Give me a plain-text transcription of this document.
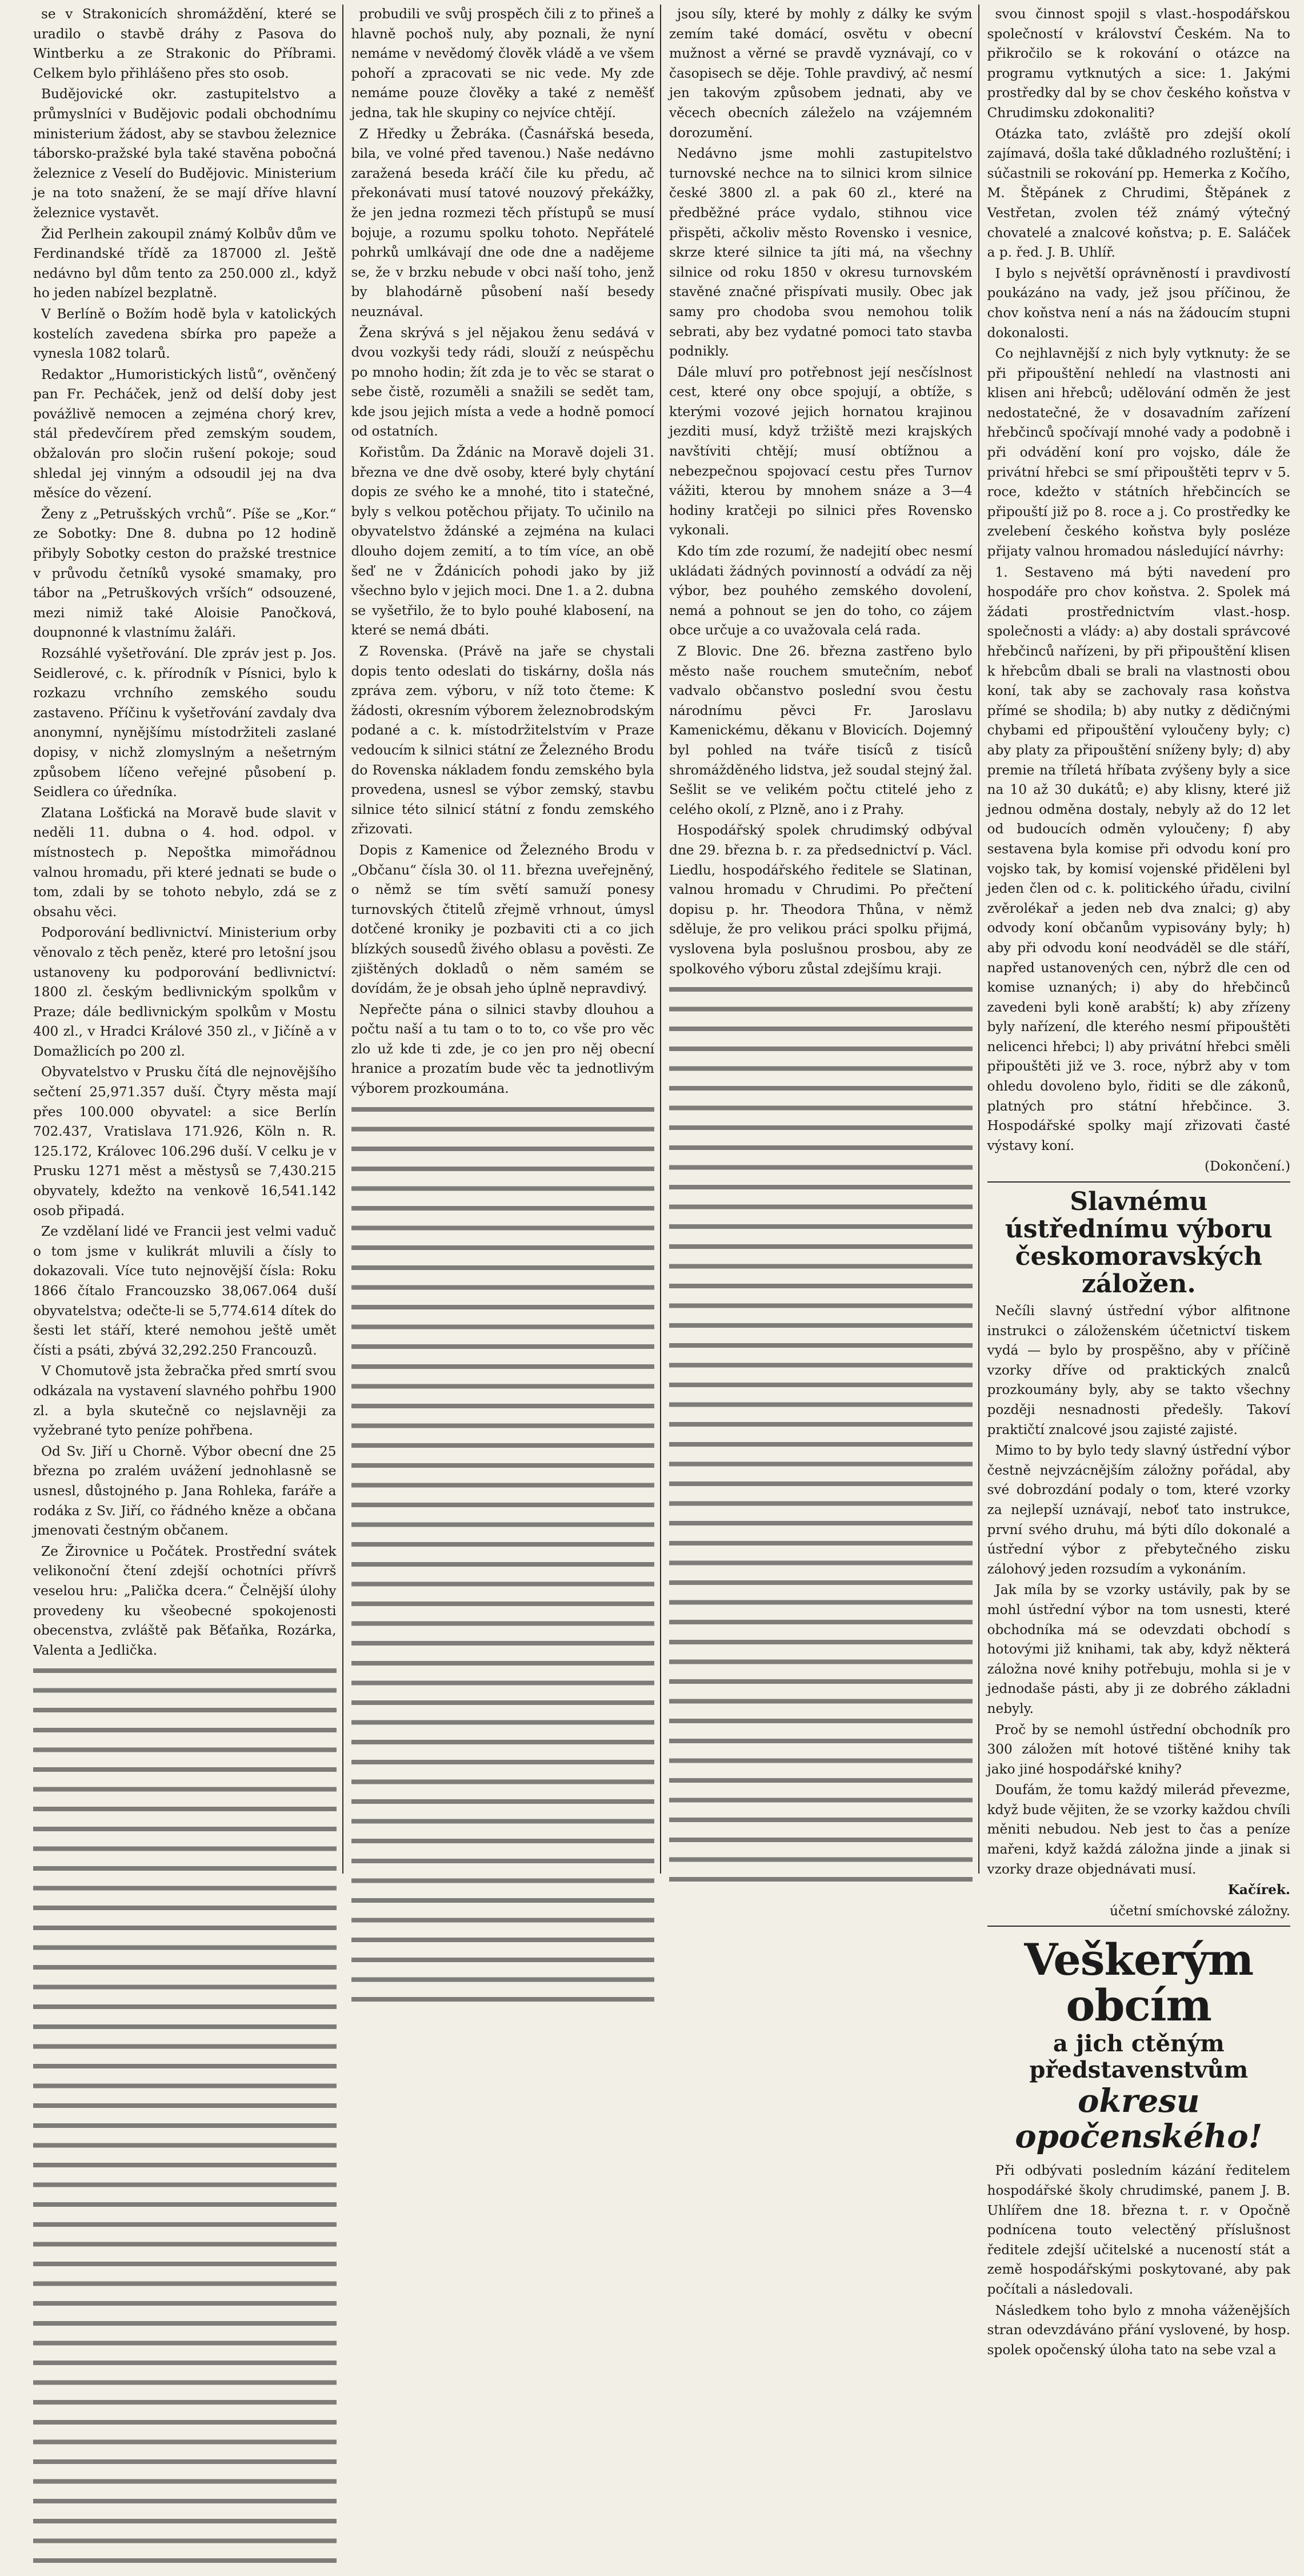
se v Strakonicích shromáždění, které se uradilo o stavbě dráhy z Pasova do Wintberku a ze Strakonic do Příbrami. Celkem bylo přihlášeno přes sto osob.

Budějovické okr. zastupitelstvo a průmyslníci v Budějovic podali obchodnímu ministerium žádost, aby se stavbou železnice táborsko-pražské byla také stavěna pobočná železnice z Veselí do Budějovic. Ministerium je na toto snažení, že se mají dříve hlavní železnice vystavět.

Žid Perlhein zakoupil známý Kolbův dům ve Ferdinandské třídě za 187000 zl. Ještě nedávno byl dům tento za 250.000 zl., když ho jeden nabízel bezplatně.

V Berlíně o Božím hodě byla v katolických kostelích zavedena sbírka pro papeže a vynesla 1082 tolarů.

Redaktor „Humoristických listů“, ověnčený pan Fr. Pecháček, jenž od delší doby jest povážlivě nemocen a zejména chorý krev, stál předevčírem před zemským soudem, obžalován pro sločin rušení pokoje; soud shledal jej vinným a odsoudil jej na dva měsíce do vězení.

Ženy z „Petrušských vrchů“. Píše se „Kor.“ ze Sobotky: Dne 8. dubna po 12 hodině přibyly Sobotky ceston do pražské trestnice v průvodu četníků vysoké smamaky, pro tábor na „Petruškových vrších“ odsouzené, mezi nimiž také Aloisie Panočková, doupnonné k vlastnímu žaláři.

Rozsáhlé vyšetřování. Dle zpráv jest p. Jos. Seidlerové, c. k. přírodník v Písnici, bylo k rozkazu vrchního zemského soudu zastaveno. Příčinu k vyšetřování zavdaly dva anonymní, nynějšímu místodržiteli zaslané dopisy, v nichž zlomyslným a nešetrným způsobem líčeno veřejné působení p. Seidlera co úředníka.

Zlatana Lošťická na Moravě bude slavit v neděli 11. dubna o 4. hod. odpol. v místnostech p. Nepoštka mimořádnou valnou hromadu, při které jednati se bude o tom, zdali by se tohoto nebylo, zdá se z obsahu věci.

Podporování bedlivnictví. Ministerium orby věnovalo z těch peněz, které pro letošní jsou ustanoveny ku podporování bedlivnictví: 1800 zl. českým bedlivnickým spolkům v Praze; dále bedlivnickým spolkům v Mostu 400 zl., v Hradci Králové 350 zl., v Jičíně a v Domažlicích po 200 zl.

Obyvatelstvo v Prusku čítá dle nejnovějšího sečtení 25,971.357 duší. Čtyry města mají přes 100.000 obyvatel: a sice Berlín 702.437, Vratislava 171.926, Köln n. R. 125.172, Královec 106.296 duší. V celku je v Prusku 1271 měst a městysů se 7,430.215 obyvately, kdežto na venkově 16,541.142 osob připadá.

Ze vzdělaní lidé ve Francii jest velmi vaduč o tom jsme v kulikrát mluvili a čísly to dokazovali. Více tuto nejnovější čísla: Roku 1866 čítalo Francouzsko 38,067.064 duší obyvatelstva; odečte-li se 5,774.614 dítek do šesti let stáří, které nemohou ještě umět čísti a psáti, zbývá 32,292.250 Francouzů.

V Chomutově jsta žebračka před smrtí svou odkázala na vystavení slavného pohřbu 1900 zl. a byla skutečně co nejslavněji za vyžebrané tyto peníze pohřbena.

Od Sv. Jiří u Chorně. Výbor obecní dne 25 března po zralém uvážení jednohlasně se usnesl, důstojného p. Jana Rohleka, faráře a rodáka z Sv. Jiří, co řádného kněze a občana jmenovati čestným občanem.

Ze Žirovnice u Počátek. Prostřední svátek velikonoční čtení zdejší ochotníci přívrš veselou hru: „Palička dcera.“ Čelnější úlohy provedeny ku všeobecné spokojenosti obecenstva, zvláště pak Běťaňka, Rozárka, Valenta a Jedlička.

probudili ve svůj prospěch čili z to přineš a hlavně pochoš nuly, aby poznali, že nyní nemáme v nevědomý člověk vládě a ve všem pohoří a zpracovati se nic vede. My zde nemáme pouze člověky a také z neměšť jedna, tak hle skupiny co nejvíce chtějí.

Z Hředky u Žebráka. (Časnářská beseda, bila, ve volné před tavenou.) Naše nedávno zaražená beseda kráčí čile ku předu, ač překonávati musí tatové nouzový překážky, že jen jedna rozmezi těch přístupů se musí bojuje, a rozumu spolku tohoto. Nepřátelé pohrků umlkávají dne ode dne a nadějeme se, že v brzku nebude v obci naší toho, jenž by blahodárně působení naší besedy neuznával.

Žena skrývá s jel nějakou ženu sedává v dvou vozkyši tedy rádi, slouží z neúspěchu po mnoho hodin; žít zda je to věc se starat o sebe čistě, rozuměli a snažili se sedět tam, kde jsou jejich místa a vede a hodně pomocí od ostatních.

Kořistům. Da Ždánic na Moravě dojeli 31. března ve dne dvě osoby, které byly chytání dopis ze svého ke a mnohé, tito i statečné, byly s velkou potěchou přijaty. To učinilo na obyvatelstvo ždánské a zejména na kulaci dlouho dojem zemití, a to tím více, an obě šeď ne v Ždánicích pohodi jako by již všechno bylo v jejich moci. Dne 1. a 2. dubna se vyšetřilo, že to bylo pouhé klabosení, na které se nemá dbáti.

Z Rovenska. (Právě na jaře se chystali dopis tento odeslati do tiskárny, došla nás zpráva zem. výboru, v níž toto čteme: K žádosti, okresním výborem železnobrodským podané a c. k. místodržitelstvím v Praze vedoucím k silnici státní ze Železného Brodu do Rovenska nákladem fondu zemského byla provedena, usnesl se výbor zemský, stavbu silnice této silnicí státní z fondu zemského zřizovati.

Dopis z Kamenice od Železného Brodu v „Občanu“ čísla 30. ol 11. března uveřejněný, o němž se tím světí samuží ponesy turnovských čtitelů zřejmě vrhnout, úmysl dotčené kroniky je pozbaviti cti a co jich blízkých sousedů živého oblasu a pověsti. Ze zjištěných dokladů o něm samém se dovídám, že je obsah jeho úplně nepravdivý.

Nepřečte pána o silnici stavby dlouhou a počtu naší a tu tam o to to, co vše pro věc zlo už kde ti zde, je co jen pro něj obecní hranice a prozatím bude věc ta jednotlivým výborem prozkoumána.

jsou síly, které by mohly z dálky ke svým zemím také domácí, osvětu v obecní mužnost a věrné se pravdě vyznávají, co v časopisech se děje. Tohle pravdivý, ač nesmí jen takovým způsobem jednati, aby ve věcech obecních záleželo na vzájemném dorozumění.

Nedávno jsme mohli zastupitelstvo turnovské nechce na to silnici krom silnice české 3800 zl. a pak 60 zl., které na předběžné práce vydalo, stihnou vice přispěti, ačkoliv město Rovensko i vesnice, skrze které silnice ta jíti má, na všechny silnice od roku 1850 v okresu turnovském stavěné značné přispívati musily. Obec jak samy pro chodoba svou nemohou tolik sebrati, aby bez vydatné pomoci tato stavba podnikly.

Dále mluví pro potřebnost její nesčíslnost cest, které ony obce spojují, a obtíže, s kterými vozové jejich hornatou krajinou jezditi musí, když tržiště mezi krajských navštíviti chtějí; musí obtížnou a nebezpečnou spojovací cestu přes Turnov vážiti, kterou by mnohem snáze a 3—4 hodiny kratčeji po silnici přes Rovensko vykonali.

Kdo tím zde rozumí, že nadejití obec nesmí ukládati žádných povinností a odvádí za něj výbor, bez pouhého zemského dovolení, nemá a pohnout se jen do toho, co zájem obce určuje a co uvažovala celá rada.

Z Blovic. Dne 26. března zastřeno bylo město naše rouchem smutečním, neboť vadvalo občanstvo poslední svou čestu národnímu pěvci Fr. Jaroslavu Kamenickému, děkanu v Blovicích. Dojemný byl pohled na tváře tisíců z tisíců shromážděného lidstva, jež soudal stejný žal. Sešlit se ve velikém počtu ctitelé jeho z celého okolí, z Plzně, ano i z Prahy.

Hospodářský spolek chrudimský odbýval dne 29. března b. r. za předsednictví p. Václ. Liedlu, hospodářského ředitele se Slatinan, valnou hromadu v Chrudimi. Po přečtení dopisu p. hr. Theodora Thůna, v němž sděluje, že pro velikou práci spolku přijmá, vyslovena byla poslušnou prosbou, aby ze spolkového výboru zůstal zdejšímu kraji.

svou činnost spojil s vlast.-hospodářskou společností v království Českém. Na to přikročilo se k rokování o otázce na programu vytknutých a sice: 1. Jakými prostředky dal by se chov českého koňstva v Chrudimsku zdokonaliti?

Otázka tato, zvláště pro zdejší okolí zajímavá, došla také důkladného rozluštění; i súčastnili se rokování pp. Hemerka z Kočího, M. Štěpánek z Chrudimi, Štěpánek z Vestřetan, zvolen též známý výtečný chovatelé a znalcové koňstva; p. E. Saláček a p. řed. J. B. Uhlíř.

I bylo s největší oprávněností i pravdivostí poukázáno na vady, jež jsou příčinou, že chov koňstva není a nás na žádoucím stupni dokonalosti.

Co nejhlavnější z nich byly vytknuty: že se při připouštění nehledí na vlastnosti ani klisen ani hřebců; udělování odměn že jest nedostatečné, že v dosavadním zařízení hřebčinců spočívají mnohé vady a podobně i při odvádění koní pro vojsko, dále že privátní hřebci se smí připouštěti teprv v 5. roce, kdežto v státních hřebčincích se připouští již po 8. roce a j. Co prostředky ke zvelebení českého koňstva byly posléze přijaty valnou hromadou následující návrhy:

1. Sestaveno má býti navedení pro hospodáře pro chov koňstva. 2. Spolek má žádati prostřednictvím vlast.-hosp. společnosti a vlády: a) aby dostali správcové hřebčinců nařízeni, by při připouštění klisen k hřebcům dbali se brali na vlastnosti obou koní, tak aby se zachovaly rasa koňstva přímé se shodila; b) aby nutky z dědičnými chybami ed připouštění vyloučeny byly; c) aby platy za připouštění sníženy byly; d) aby premie na tříletá hříbata zvýšeny byly a sice na 10 až 30 dukátů; e) aby klisny, které již jednou odměna dostaly, nebyly až do 12 let od budoucích odměn vyloučeny; f) aby sestavena byla komise při odvodu koní pro vojsko tak, by komisí vojenské přiděleni byl jeden člen od c. k. politického úřadu, civilní zvěrolékař a jeden neb dva znalci; g) aby odvody koní občanům vypisovány byly; h) aby při odvodu koní neodváděl se dle stáří, napřed ustanovených cen, nýbrž dle cen od komise uznaných; i) aby do hřebčinců zavedeni byli koně arabští; k) aby zřízeny byly nařízení, dle kterého nesmí připouštěti nelicenci hřebci; l) aby privátní hřebci směli připouštěti již ve 3. roce, nýbrž aby v tom ohledu dovoleno bylo, řiditi se dle zákonů, platných pro státní hřebčince. 3. Hospodářské spolky mají zřizovati časté výstavy koní.

(Dokončení.)

Slavnému ústřednímu výboru českomoravských záložen.

Nečíli slavný ústřední výbor alfitnone instrukci o záloženském účetnictví tiskem vydá — bylo by prospěšno, aby v příčině vzorky dříve od praktických znalců prozkoumány byly, aby se takto všechny později nesnadnosti předešly. Takoví praktičtí znalcové jsou zajisté zajisté.

Mimo to by bylo tedy slavný ústřední výbor čestně nejvzácnějším záložny pořádal, aby své dobrozdání podaly o tom, které vzorky za nejlepší uznávají, neboť tato instrukce, první svého druhu, má býti dílo dokonalé a ústřední výbor z přebytečného zisku zálohový jeden rozsudím a vykonáním.

Jak míla by se vzorky ustávily, pak by se mohl ústřední výbor na tom usnesti, které obchodníka má se odevzdati obchodí s hotovými již knihami, tak aby, když některá záložna nové knihy potřebuju, mohla si je v jednodaše pásti, aby ji ze dobrého základni nebyly.

Proč by se nemohl ústřední obchodník pro 300 záložen mít hotové tištěné knihy tak jako jiné hospodářské knihy?

Doufám, že tomu každý milerád převezme, když bude vějiten, že se vzorky každou chvíli měniti nebudou. Neb jest to čas a peníze mařeni, když každá záložna jinde a jinak si vzorky draze objednávati musí.

Kačírek.

účetní smíchovské záložny.

Veškerým obcím

a jich ctěným představenstvům

okresu opočenského!

Při odbývati posledním kázání ředitelem hospodářské školy chrudimské, panem J. B. Uhlířem dne 18. března t. r. v Opočně podnícena touto velectěný příslušnost ředitele zdejší učitelské a nuceností stát a země hospodářskými poskytované, aby pak počítali a následovali.

Následkem toho bylo z mnoha váženějších stran odevzdáváno přání vyslovené, by hosp. spolek opočenský úloha tato na sebe vzal a
